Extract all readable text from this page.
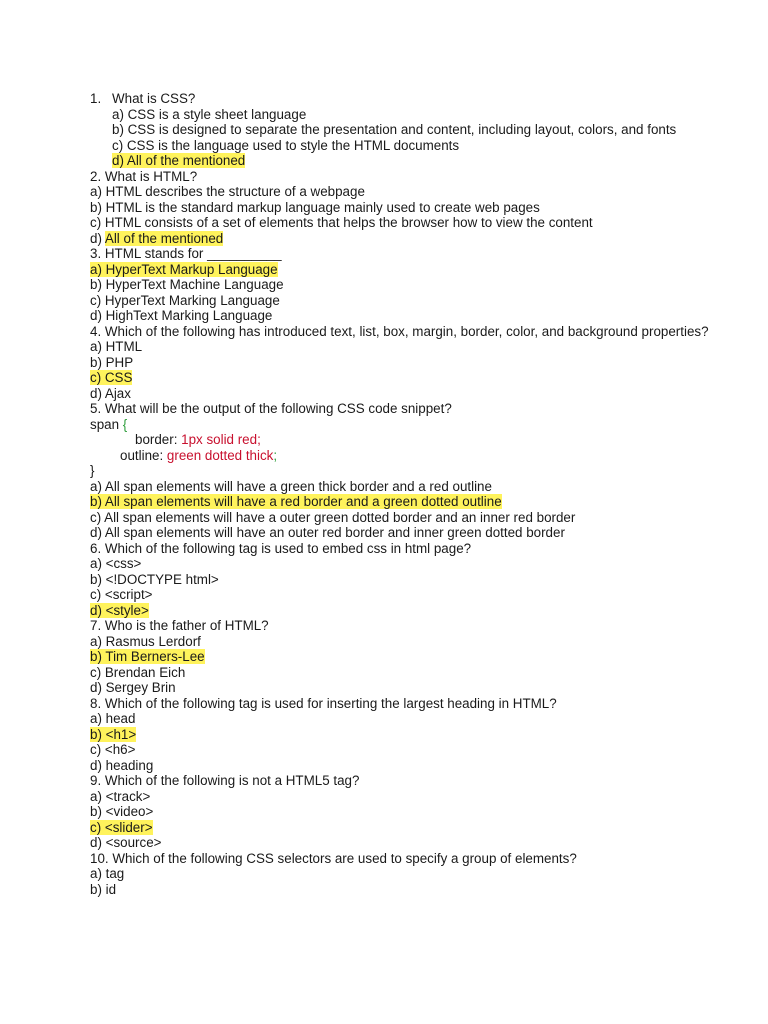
1. What is CSS?
a) CSS is a style sheet language
b) CSS is designed to separate the presentation and content, including layout, colors, and fonts
c) CSS is the language used to style the HTML documents
d) All of the mentioned
2. What is HTML?
a) HTML describes the structure of a webpage
b) HTML is the standard markup language mainly used to create web pages
c) HTML consists of a set of elements that helps the browser how to view the content
d) All of the mentioned
3. HTML stands for __________
a) HyperText Markup Language
b) HyperText Machine Language
c) HyperText Marking Language
d) HighText Marking Language
4. Which of the following has introduced text, list, box, margin, border, color, and background properties?
a) HTML
b) PHP
c) CSS
d) Ajax
5. What will be the output of the following CSS code snippet?
span {
border: 1px solid red;
outline: green dotted thick;
}
a) All span elements will have a green thick border and a red outline
b) All span elements will have a red border and a green dotted outline
c) All span elements will have a outer green dotted border and an inner red border
d) All span elements will have an outer red border and inner green dotted border
6. Which of the following tag is used to embed css in html page?
a) <css>
b) <!DOCTYPE html>
c) <script>
d) <style>
7. Who is the father of HTML?
a) Rasmus Lerdorf
b) Tim Berners-Lee
c) Brendan Eich
d) Sergey Brin
8. Which of the following tag is used for inserting the largest heading in HTML?
a) head
b) <h1>
c) <h6>
d) heading
9. Which of the following is not a HTML5 tag?
a) <track>
b) <video>
c) <slider>
d) <source>
10. Which of the following CSS selectors are used to specify a group of elements?
a) tag
b) id
